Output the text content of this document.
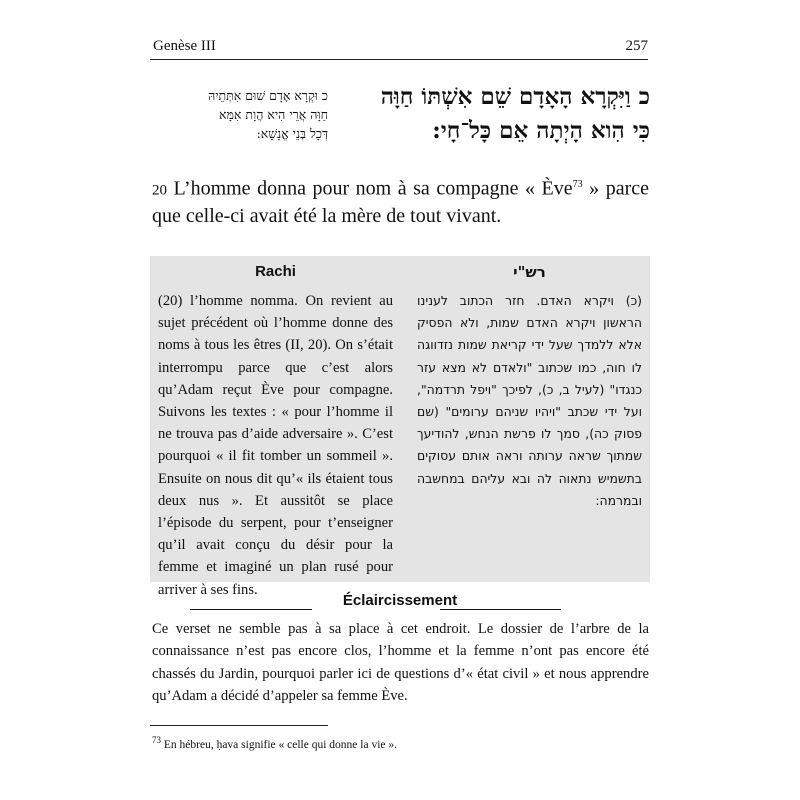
Genèse III	257
כ וַיִּקְרָא הָאָדָם שֵׁם אִשְׁתּוֹ חַוָּה
כִּי הִוא הָיְתָה אֵם כָּל־חָי:
כ וּקְרָא אָדָם שׁוּם אִתְּתֵיהּ
חַוָּה אֲרֵי הִיא הֲוָת אִמָּא
דְּכָל בְּנֵי אֱנָשָׁא:
20 L’homme donna pour nom à sa compagne « Ève$^{73}$ » parce que celle-ci avait été la mère de tout vivant.
Rachi
(20) l’homme nomma. On revient au sujet précédent où l’homme donne des noms à tous les êtres (II, 20). On s’était interrompu parce que c’est alors qu’Adam reçut Ève pour compagne. Suivons les textes : « pour l’homme il ne trouva pas d’aide adversaire ». C’est pourquoi « il fit tomber un sommeil ». Ensuite on nous dit qu’« ils étaient tous deux nus ». Et aussitôt se place l’épisode du serpent, pour t’enseigner qu’il avait conçu du désir pour la femme et imaginé un plan rusé pour arriver à ses fins.
רש"י
(כ) ויקרא האדם. חזר הכתוב לענינו הראשון ויקרא האדם שמות, ולא הפסיק אלא ללמדך שעל ידי קריאת שמות נזדווגה לו חוה, כמו שכתוב "ולאדם לא מצא עזר כנגדו" (לעיל ב, כ), לפיכך "ויפל תרדמה", ועל ידי שכתב "ויהיו שניהם ערומים" (שם פסוק כה), סמך לו פרשת הנחש, להודיעך שמתוך שראה ערותה וראה אותם עסוקים בתשמיש נתאוה לה ובא עליהם במחשבה ובמרמה:
Éclaircissement
Ce verset ne semble pas à sa place à cet endroit. Le dossier de l’arbre de la connaissance n’est pas encore clos, l’homme et la femme n’ont pas encore été chassés du Jardin, pourquoi parler ici de questions d’« état civil » et nous apprendre qu’Adam a décidé d’appeler sa femme Ève.
$^{73}$ En hébreu, ḥava signifie « celle qui donne la vie ».
